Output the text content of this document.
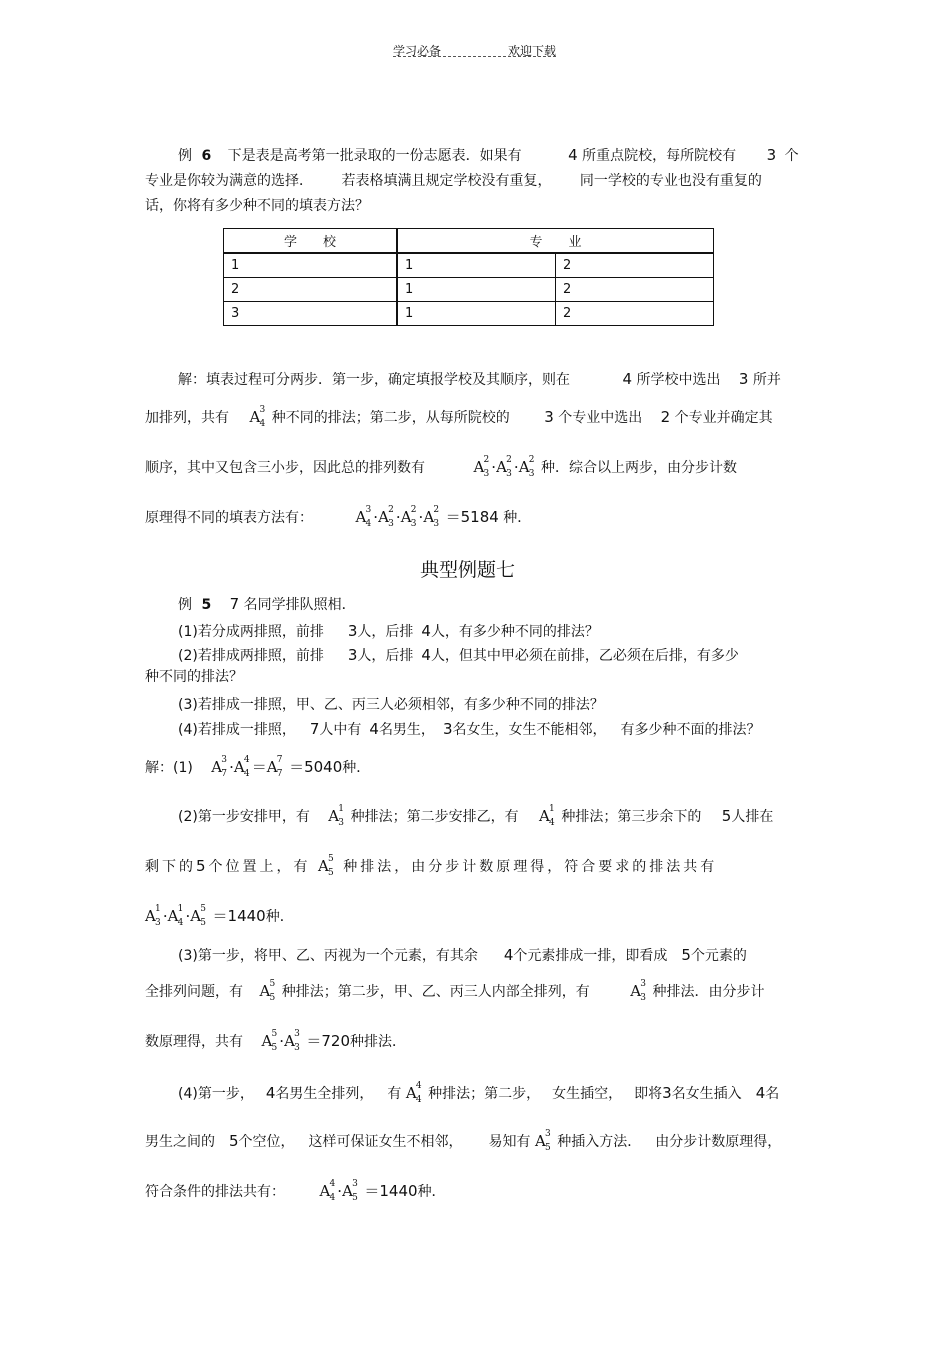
学习必备	欢迎下载
例 6 下是表是高考第一批录取的一份志愿表．如果有	4 所重点院校，每所院校有 3 个
专业是你较为满意的选择． 若表格填满且规定学校没有重复， 同一学校的专业也没有重复的
话，你将有多少种不同的填表方法？
学　　校	专　　业	
1	1	2
2	1	2
3	1	2
解：填表过程可分两步．第一步，确定填报学校及其顺序，则在	4 所学校中选出 3 所并
加排列，共有 A 3
4 种不同的排法；第二步，从每所院校的 3 个专业中选出 2 个专业并确定其
顺序，其中又包含三小步，因此总的排列数有	A 2
3 ·A 2
3 ·A 2
3 种．综合以上两步，由分步计数
原理得不同的填表方法有：	A 3
4 ·A 2
3 ·A 2
3 ·A 2
3 ＝5184 种．
典型例题七
例 5 7 名同学排队照相．
(1)若分成两排照，前排 3人，后排 4人，有多少种不同的排法？
(2)若排成两排照，前排 3人，后排 4人，但其中甲必须在前排，乙必须在后排，有多少
种不同的排法？
(3)若排成一排照，甲、乙、丙三人必须相邻，有多少种不同的排法？
(4)若排成一排照， 7人中有 4名男生， 3名女生，女生不能相邻， 有多少种不面的排法？
解：(1) A 3
7 ·A 4
4 ＝A 7
7 ＝5040种．
(2)第一步安排甲，有 A 1
3 种排法；第二步安排乙，有 A 1
4 种排法；第三步余下的 5人排在
剩下的5个位置上，有 A 5
5 种排法，由分步计数原理得，符合要求的排法共有
A 1
3 ·A 1
4 ·A 5
5 ＝1440种．
(3)第一步，将甲、乙、丙视为一个元素，有其余 4个元素排成一排，即看成 5个元素的
全排列问题，有 A 5
5 种排法；第二步，甲、乙、丙三人内部全排列，有	A 3
3 种排法．由分步计
数原理得，共有 A 5
5 ·A 3
3 ＝720种排法．
(4)第一步， 4名男生全排列， 有 A 4
4 种排法；第二步， 女生插空， 即将3名女生插入 4名
男生之间的 5个空位， 这样可保证女生不相邻， 易知有 A 3
5 种插入方法． 由分步计数原理得，
符合条件的排法共有： A 4
4 ·A 3
5 ＝1440种．
